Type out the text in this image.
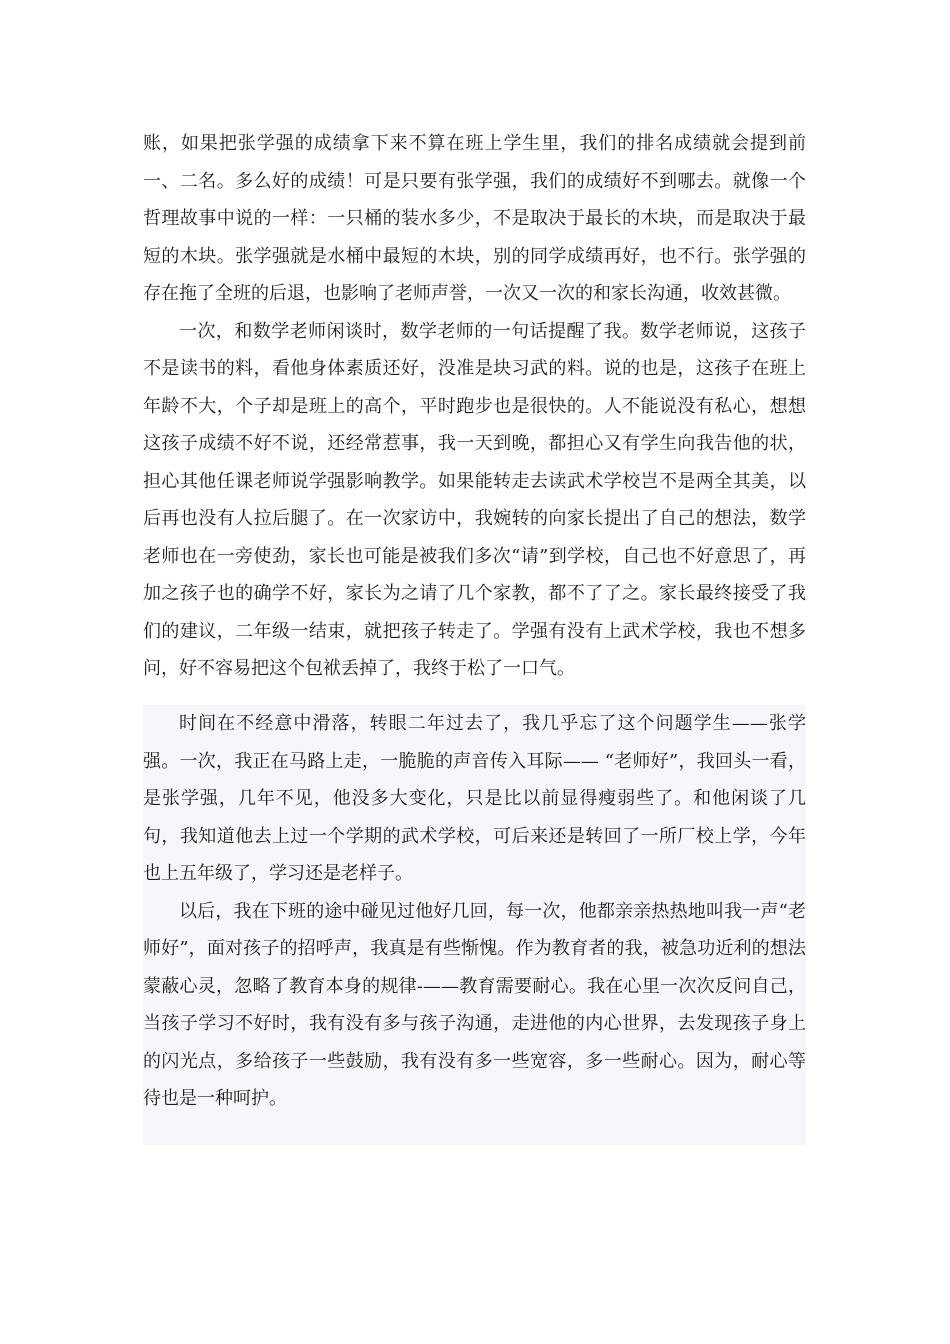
账，如果把张学强的成绩拿下来不算在班上学生里，我们的排名成绩就会提到前一、二名。多么好的成绩！可是只要有张学强，我们的成绩好不到哪去。就像一个哲理故事中说的一样：一只桶的装水多少，不是取决于最长的木块，而是取决于最短的木块。张学强就是水桶中最短的木块，别的同学成绩再好，也不行。张学强的存在拖了全班的后退，也影响了老师声誉，一次又一次的和家长沟通，收效甚微。

一次，和数学老师闲谈时，数学老师的一句话提醒了我。数学老师说，这孩子不是读书的料，看他身体素质还好，没准是块习武的料。说的也是，这孩子在班上年龄不大，个子却是班上的高个，平时跑步也是很快的。人不能说没有私心，想想这孩子成绩不好不说，还经常惹事，我一天到晚，都担心又有学生向我告他的状，担心其他任课老师说学强影响教学。如果能转走去读武术学校岂不是两全其美，以后再也没有人拉后腿了。在一次家访中，我婉转的向家长提出了自己的想法，数学老师也在一旁使劲，家长也可能是被我们多次“请”到学校，自己也不好意思了，再加之孩子也的确学不好，家长为之请了几个家教，都不了了之。家长最终接受了我们的建议，二年级一结束，就把孩子转走了。学强有没有上武术学校，我也不想多问，好不容易把这个包袱丢掉了，我终于松了一口气。

时间在不经意中滑落，转眼二年过去了，我几乎忘了这个问题学生——张学强。一次，我正在马路上走，一脆脆的声音传入耳际—— “老师好”，我回头一看，是张学强，几年不见，他没多大变化，只是比以前显得瘦弱些了。和他闲谈了几句，我知道他去上过一个学期的武术学校，可后来还是转回了一所厂校上学，今年也上五年级了，学习还是老样子。

以后，我在下班的途中碰见过他好几回，每一次，他都亲亲热热地叫我一声“老师好”，面对孩子的招呼声，我真是有些惭愧。作为教育者的我，被急功近利的想法蒙蔽心灵，忽略了教育本身的规律-——教育需要耐心。我在心里一次次反问自己，当孩子学习不好时，我有没有多与孩子沟通，走进他的内心世界，去发现孩子身上的闪光点，多给孩子一些鼓励，我有没有多一些宽容，多一些耐心。因为，耐心等待也是一种呵护。
